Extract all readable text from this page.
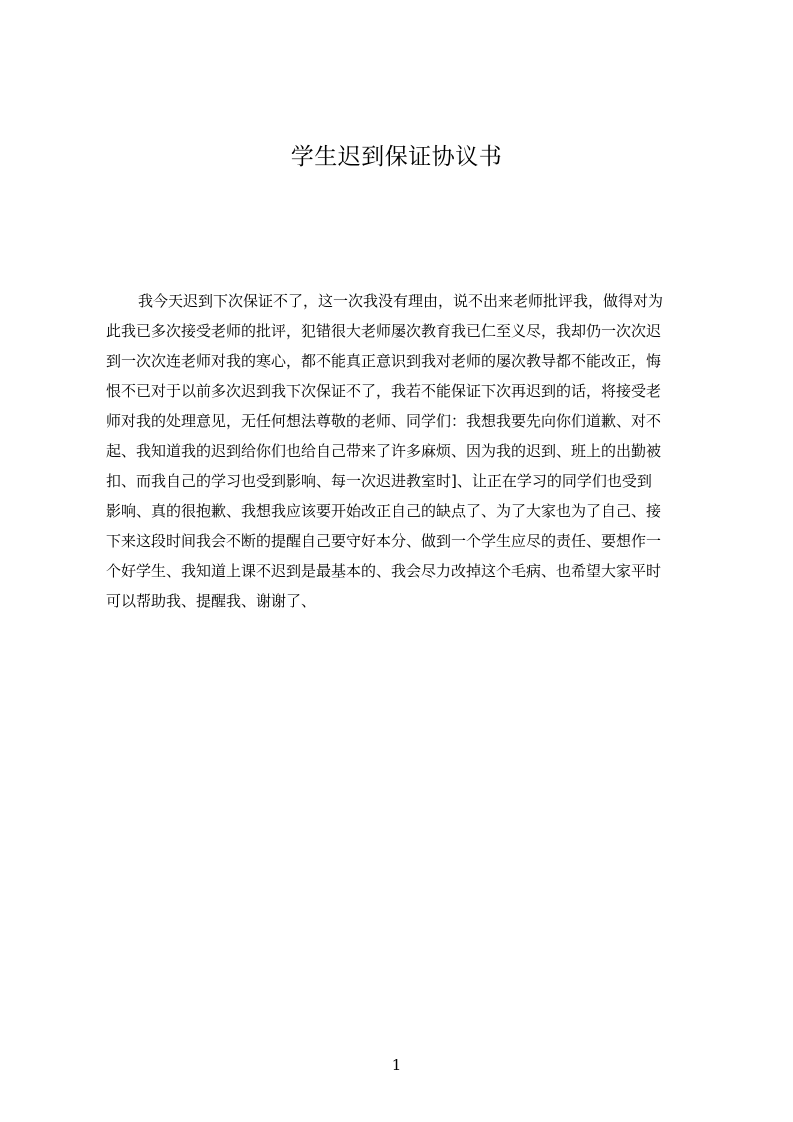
学生迟到保证协议书
我今天迟到下次保证不了，这一次我没有理由，说不出来老师批评我，做得对为
此我已多次接受老师的批评，犯错很大老师屡次教育我已仁至义尽，我却仍一次次迟
到一次次连老师对我的寒心，都不能真正意识到我对老师的屡次教导都不能改正，悔
恨不已对于以前多次迟到我下次保证不了，我若不能保证下次再迟到的话，将接受老
师对我的处理意见，无任何想法尊敬的老师、同学们：我想我要先向你们道歉、对不
起、我知道我的迟到给你们也给自己带来了许多麻烦、因为我的迟到、班上的出勤被
扣、而我自己的学习也受到影响、每一次迟进教室时]、让正在学习的同学们也受到
影响、真的很抱歉、我想我应该要开始改正自己的缺点了、为了大家也为了自己、接
下来这段时间我会不断的提醒自己要守好本分、做到一个学生应尽的责任、要想作一
个好学生、我知道上课不迟到是最基本的、我会尽力改掉这个毛病、也希望大家平时
可以帮助我、提醒我、谢谢了、
1
